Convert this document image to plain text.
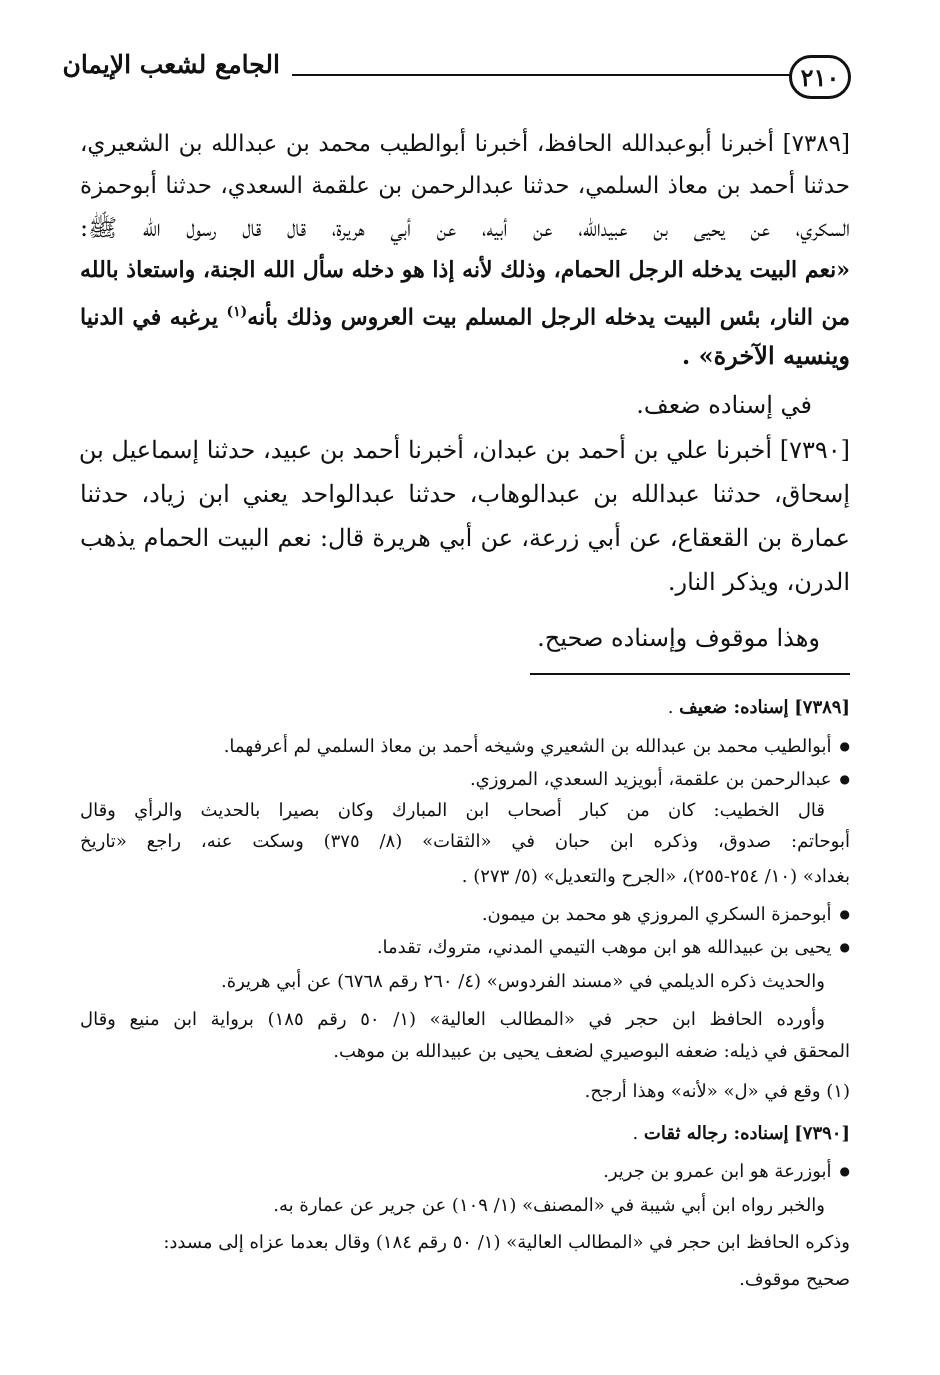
٢١٠
الجامع لشعب الإيمان
[٧٣٨٩] أخبرنا أبوعبدالله الحافظ، أخبرنا أبوالطيب محمد بن عبدالله بن الشعيري،
حدثنا أحمد بن معاذ السلمي، حدثنا عبدالرحمن بن علقمة السعدي، حدثنا أبوحمزة
السكري، عن يحيى بن عبيدالله، عن أبيه، عن أبي هريرة، قال قال رسول الله ﷺ:
«نعم البيت يدخله الرجل الحمام، وذلك لأنه إذا هو دخله سأل الله الجنة، واستعاذ بالله
من النار، بئس البيت يدخله الرجل المسلم بيت العروس وذلك بأنه$^{(١)}$ يرغبه في الدنيا
وينسيه الآخرة» .
في إسناده ضعف.
[٧٣٩٠] أخبرنا علي بن أحمد بن عبدان، أخبرنا أحمد بن عبيد، حدثنا إسماعيل بن
إسحاق، حدثنا عبدالله بن عبدالوهاب، حدثنا عبدالواحد يعني ابن زياد، حدثنا
عمارة بن القعقاع، عن أبي زرعة، عن أبي هريرة قال: نعم البيت الحمام يذهب
الدرن، ويذكر النار.
وهذا موقوف وإسناده صحيح.
[٧٣٨٩] إسناده: ضعيف .
● أبوالطيب محمد بن عبدالله بن الشعيري وشيخه أحمد بن معاذ السلمي لم أعرفهما.
● عبدالرحمن بن علقمة، أبويزيد السعدي، المروزي.
قال الخطيب: كان من كبار أصحاب ابن المبارك وكان بصيرا بالحديث والرأي وقال
أبوحاتم: صدوق، وذكره ابن حبان في «الثقات» (٨/ ٣٧٥) وسكت عنه، راجع «تاريخ
بغداد» (١٠/ ٢٥٤-٢٥٥)، «الجرح والتعديل» (٥/ ٢٧٣) .
● أبوحمزة السكري المروزي هو محمد بن ميمون.
● يحيى بن عبيدالله هو ابن موهب التيمي المدني، متروك، تقدما.
والحديث ذكره الديلمي في «مسند الفردوس» (٤/ ٢٦٠ رقم ٦٧٦٨) عن أبي هريرة.
وأورده الحافظ ابن حجر في «المطالب العالية» (١/ ٥٠ رقم ١٨٥) برواية ابن منيع وقال
المحقق في ذيله: ضعفه البوصيري لضعف يحيى بن عبيدالله بن موهب.
(١) وقع في «ل» «لأنه» وهذا أرجح.
[٧٣٩٠] إسناده: رجاله ثقات .
● أبوزرعة هو ابن عمرو بن جرير.
والخبر رواه ابن أبي شيبة في «المصنف» (١/ ١٠٩) عن جرير عن عمارة به.
وذكره الحافظ ابن حجر في «المطالب العالية» (١/ ٥٠ رقم ١٨٤) وقال بعدما عزاه إلى مسدد:
صحيح موقوف.
